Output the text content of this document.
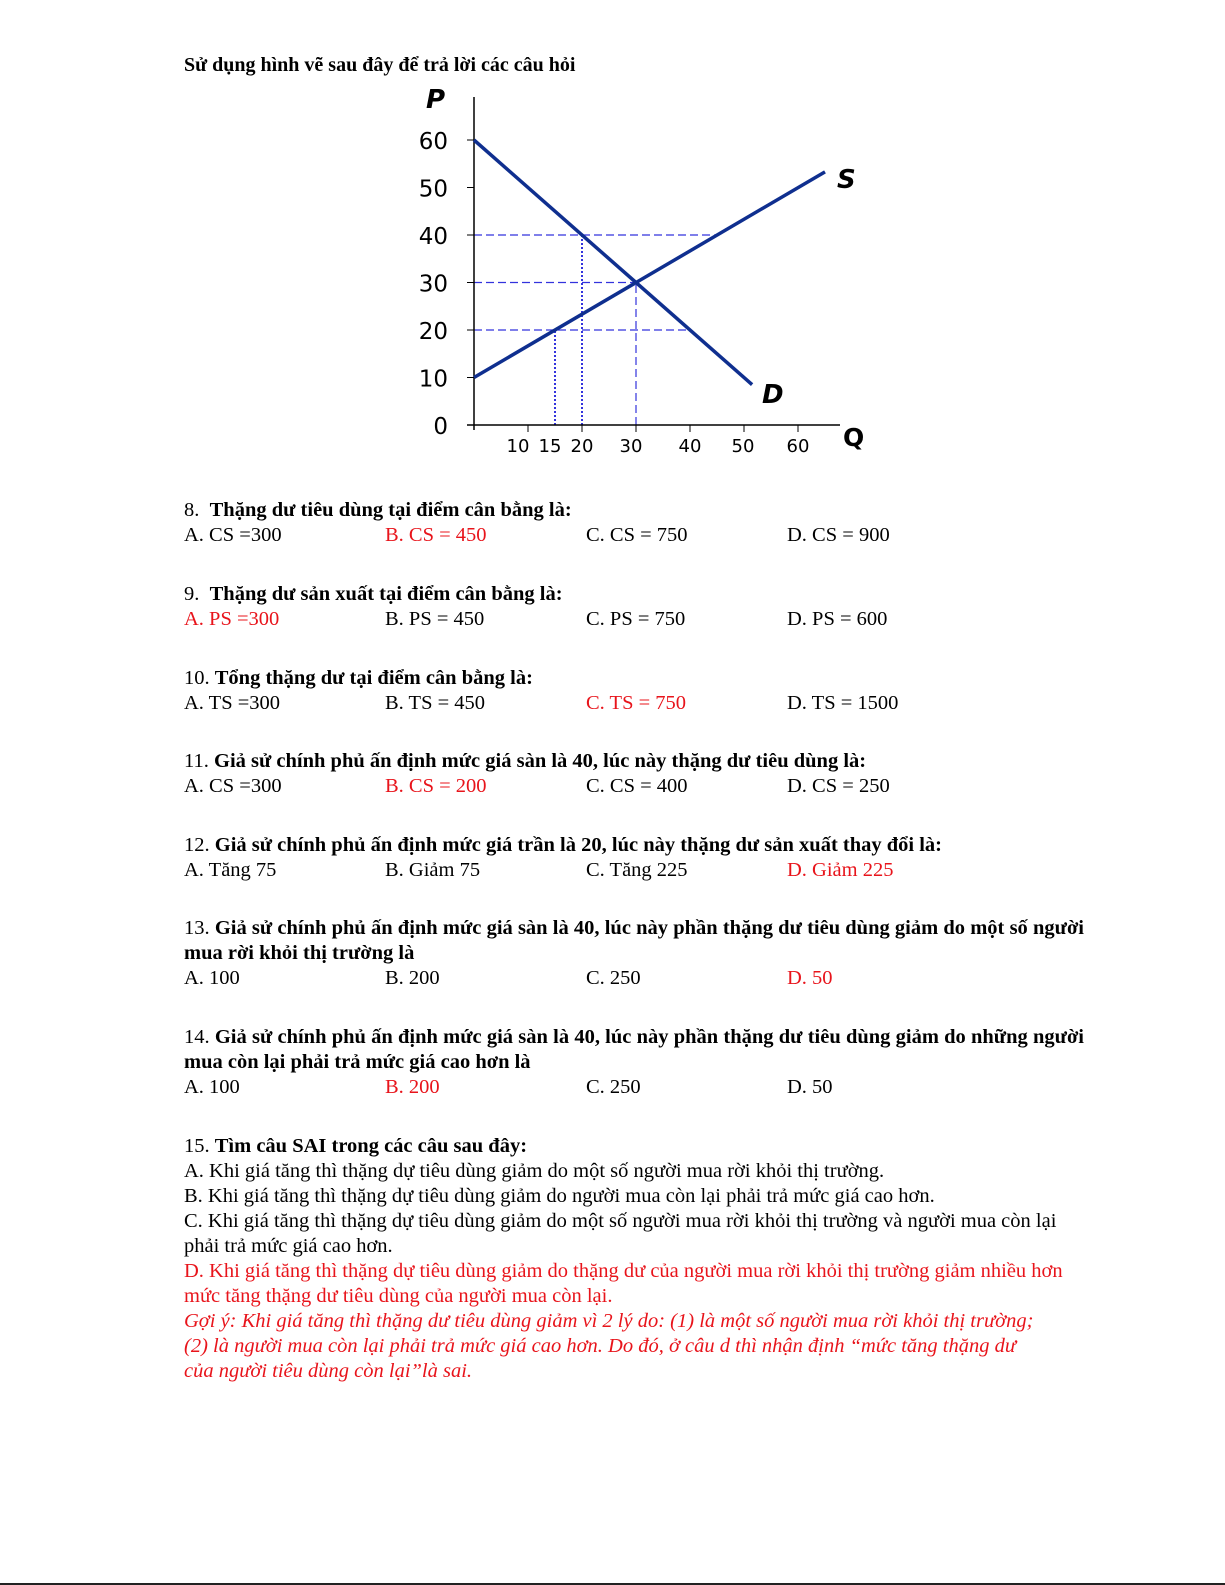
Sử dụng hình vẽ sau đây để trả lời các câu hỏi
0
10
20
30
40
50
60
10 15 20 30 40 50 60
S
D
P
Q
8. Thặng dư tiêu dùng tại điểm cân bằng là:
A. CS =300	B. CS = 450	C. CS = 750	D. CS = 900
9. Thặng dư sản xuất tại điểm cân bằng là:
A. PS =300	B. PS = 450	C. PS = 750	D. PS = 600
10. Tổng thặng dư tại điểm cân bằng là:
A. TS =300	B. TS = 450	C. TS = 750	D. TS = 1500
11. Giả sử chính phủ ấn định mức giá sàn là 40, lúc này thặng dư tiêu dùng là:
A. CS =300	B. CS = 200	C. CS = 400	D. CS = 250
12. Giả sử chính phủ ấn định mức giá trần là 20, lúc này thặng dư sản xuất thay đổi là:
A. Tăng 75	B. Giảm 75	C. Tăng 225	D. Giảm 225
13. Giả sử chính phủ ấn định mức giá sàn là 40, lúc này phần thặng dư tiêu dùng giảm do một số người mua rời khỏi thị trường là
A. 100	B. 200	C. 250	D. 50
14. Giả sử chính phủ ấn định mức giá sàn là 40, lúc này phần thặng dư tiêu dùng giảm do những người mua còn lại phải trả mức giá cao hơn là
A. 100	B. 200	C. 250	D. 50
15. Tìm câu SAI trong các câu sau đây:
A. Khi giá tăng thì thặng dự tiêu dùng giảm do một số người mua rời khỏi thị trường.
B. Khi giá tăng thì thặng dự tiêu dùng giảm do người mua còn lại phải trả mức giá cao hơn.
C. Khi giá tăng thì thặng dự tiêu dùng giảm do một số người mua rời khỏi thị trường và người mua còn lại phải trả mức giá cao hơn.
D. Khi giá tăng thì thặng dự tiêu dùng giảm do thặng dư của người mua rời khỏi thị trường giảm nhiều hơn mức tăng thặng dư tiêu dùng của người mua còn lại.
Gợi ý: Khi giá tăng thì thặng dư tiêu dùng giảm vì 2 lý do: (1) là một số người mua rời khỏi thị trường; (2) là người mua còn lại phải trả mức giá cao hơn. Do đó, ở câu d thì nhận định “mức tăng thặng dư của người tiêu dùng còn lại”là sai.
